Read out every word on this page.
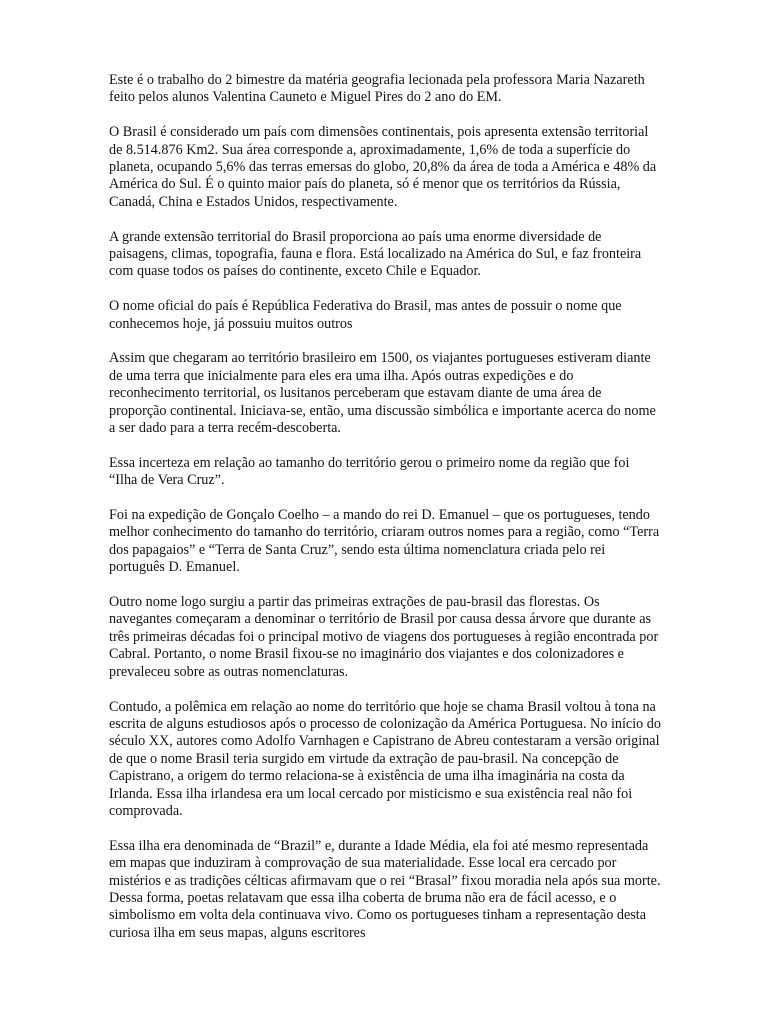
Este é o trabalho do 2 bimestre da matéria geografia lecionada pela professora Maria Nazareth feito pelos alunos Valentina Cauneto e Miguel Pires do 2 ano do EM.

O Brasil é considerado um país com dimensões continentais, pois apresenta extensão territorial de 8.514.876 Km2. Sua área corresponde a, aproximadamente, 1,6% de toda a superfície do planeta, ocupando 5,6% das terras emersas do globo, 20,8% da área de toda a América e 48% da América do Sul. É o quinto maior país do planeta, só é menor que os territórios da Rússia, Canadá, China e Estados Unidos, respectivamente.

A grande extensão territorial do Brasil proporciona ao país uma enorme diversidade de paisagens, climas, topografia, fauna e flora. Está localizado na América do Sul, e faz fronteira com quase todos os países do continente, exceto Chile e Equador.

O nome oficial do país é República Federativa do Brasil, mas antes de possuir o nome que conhecemos hoje, já possuiu muitos outros

Assim que chegaram ao território brasileiro em 1500, os viajantes portugueses estiveram diante de uma terra que inicialmente para eles era uma ilha. Após outras expedições e do reconhecimento territorial, os lusitanos perceberam que estavam diante de uma área de proporção continental. Iniciava-se, então, uma discussão simbólica e importante acerca do nome a ser dado para a terra recém-descoberta.

Essa incerteza em relação ao tamanho do território gerou o primeiro nome da região que foi “Ilha de Vera Cruz”.

Foi na expedição de Gonçalo Coelho – a mando do rei D. Emanuel – que os portugueses, tendo melhor conhecimento do tamanho do território, criaram outros nomes para a região, como “Terra dos papagaios” e “Terra de Santa Cruz”, sendo esta última nomenclatura criada pelo rei português D. Emanuel.

Outro nome logo surgiu a partir das primeiras extrações de pau-brasil das florestas. Os navegantes começaram a denominar o território de Brasil por causa dessa árvore que durante as três primeiras décadas foi o principal motivo de viagens dos portugueses à região encontrada por Cabral. Portanto, o nome Brasil fixou-se no imaginário dos viajantes e dos colonizadores e prevaleceu sobre as outras nomenclaturas.

Contudo, a polêmica em relação ao nome do território que hoje se chama Brasil voltou à tona na escrita de alguns estudiosos após o processo de colonização da América Portuguesa. No início do século XX, autores como Adolfo Varnhagen e Capistrano de Abreu contestaram a versão original de que o nome Brasil teria surgido em virtude da extração de pau-brasil. Na concepção de Capistrano, a origem do termo relaciona-se à existência de uma ilha imaginária na costa da Irlanda. Essa ilha irlandesa era um local cercado por misticismo e sua existência real não foi comprovada.

Essa ilha era denominada de “Brazil” e, durante a Idade Média, ela foi até mesmo representada em mapas que induziram à comprovação de sua materialidade. Esse local era cercado por mistérios e as tradições célticas afirmavam que o rei “Brasal” fixou moradia nela após sua morte. Dessa forma, poetas relatavam que essa ilha coberta de bruma não era de fácil acesso, e o simbolismo em volta dela continuava vivo. Como os portugueses tinham a representação desta curiosa ilha em seus mapas, alguns escritores
